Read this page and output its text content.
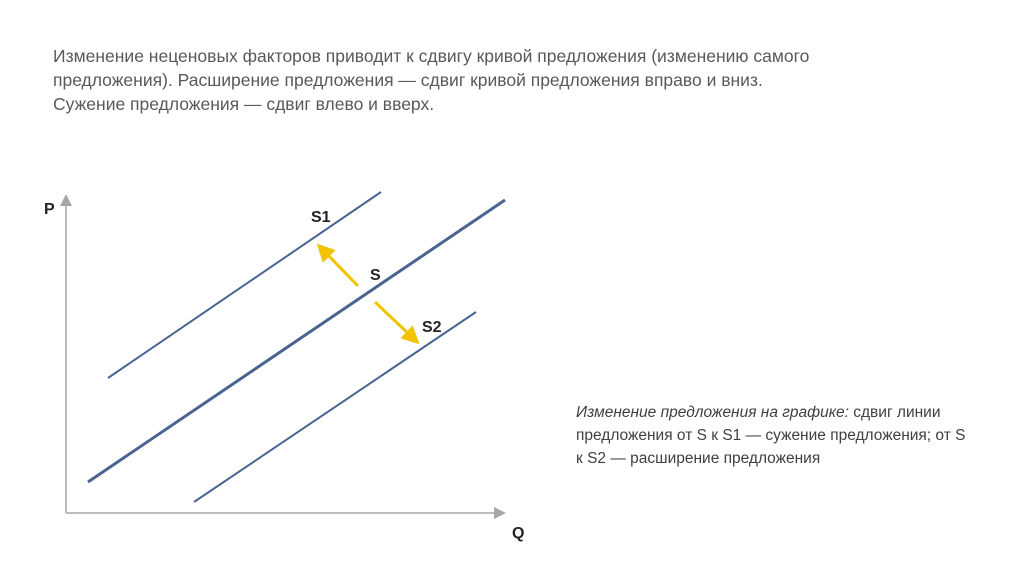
Изменение неценовых факторов приводит к сдвигу кривой предложения (изменению самого
предложения). Расширение предложения — сдвиг кривой предложения вправо и вниз.
Сужение предложения — сдвиг влево и вверх.
P
Q
S1
S
S2
Изменение предложения на графике: сдвиг линии предложения от S к S1 — сужение предложения; от S к S2 — расширение предложения
